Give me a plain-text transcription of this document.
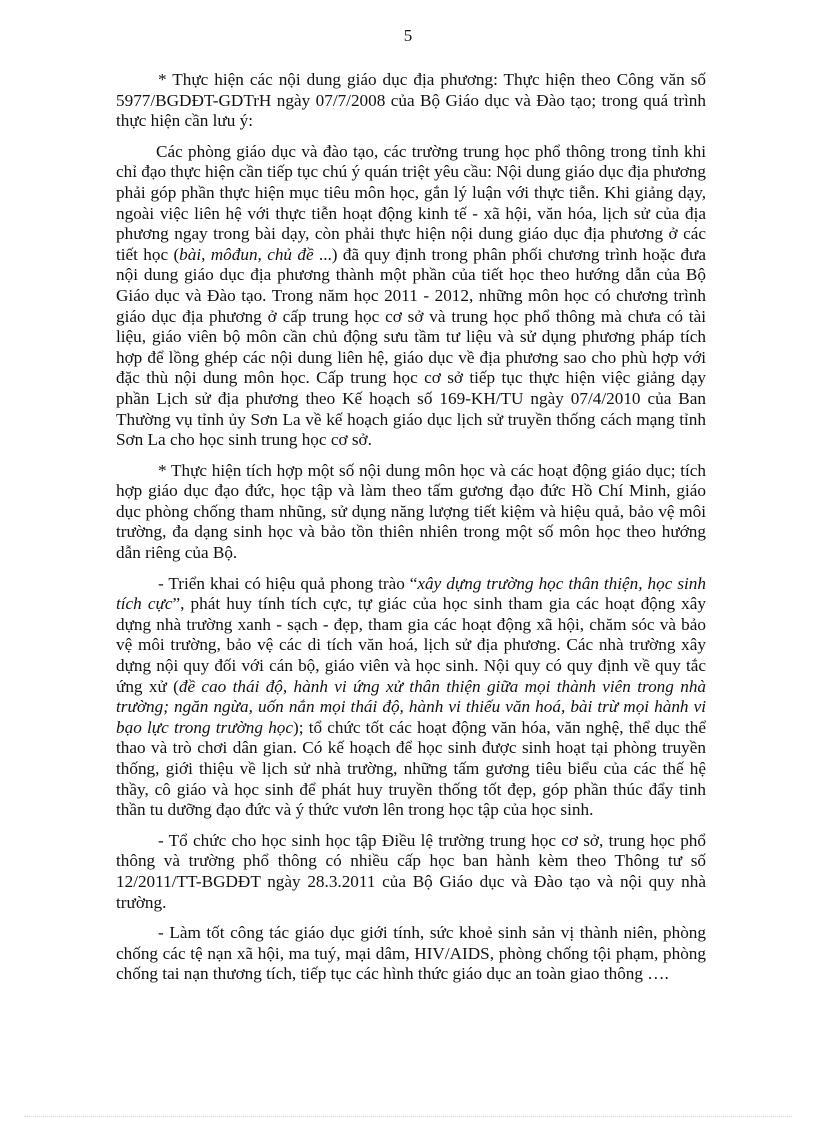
5

* Thực hiện các nội dung giáo dục địa phương: Thực hiện theo Công văn số 5977/BGDĐT-GDTrH ngày 07/7/2008 của Bộ Giáo dục và Đào tạo; trong quá trình thực hiện cần lưu ý:

Các phòng giáo dục và đào tạo, các trường trung học phổ thông trong tỉnh khi chỉ đạo thực hiện cần tiếp tục chú ý quán triệt yêu cầu: Nội dung giáo dục địa phương phải góp phần thực hiện mục tiêu môn học, gắn lý luận với thực tiễn. Khi giảng dạy, ngoài việc liên hệ với thực tiễn hoạt động kinh tế - xã hội, văn hóa, lịch sử của địa phương ngay trong bài dạy, còn phải thực hiện nội dung giáo dục địa phương ở các tiết học (bài, môđun, chủ đề ...) đã quy định trong phân phối chương trình hoặc đưa nội dung giáo dục địa phương thành một phần của tiết học theo hướng dẫn của Bộ Giáo dục và Đào tạo. Trong năm học 2011 - 2012, những môn học có chương trình giáo dục địa phương ở cấp trung học cơ sở và trung học phổ thông mà chưa có tài liệu, giáo viên bộ môn cần chủ động sưu tầm tư liệu và sử dụng phương pháp tích hợp để lồng ghép các nội dung liên hệ, giáo dục về địa phương sao cho phù hợp với đặc thù nội dung môn học. Cấp trung học cơ sở tiếp tục thực hiện việc giảng dạy phần Lịch sử địa phương theo Kế hoạch số 169-KH/TU ngày 07/4/2010 của Ban Thường vụ tỉnh ủy Sơn La về kế hoạch giáo dục lịch sử truyền thống cách mạng tỉnh Sơn La cho học sinh trung học cơ sở.

* Thực hiện tích hợp một số nội dung môn học và các hoạt động giáo dục; tích hợp giáo dục đạo đức, học tập và làm theo tấm gương đạo đức Hồ Chí Minh, giáo dục phòng chống tham nhũng, sử dụng năng lượng tiết kiệm và hiệu quả, bảo vệ môi trường, đa dạng sinh học và bảo tồn thiên nhiên trong một số môn học theo hướng dẫn riêng của Bộ.

- Triển khai có hiệu quả phong trào “xây dựng trường học thân thiện, học sinh tích cực”, phát huy tính tích cực, tự giác của học sinh tham gia các hoạt động xây dựng nhà trường xanh - sạch - đẹp, tham gia các hoạt động xã hội, chăm sóc và bảo vệ môi trường, bảo vệ các di tích văn hoá, lịch sử địa phương. Các nhà trường xây dựng nội quy đối với cán bộ, giáo viên và học sinh. Nội quy có quy định về quy tắc ứng xử (đề cao thái độ, hành vi ứng xử thân thiện giữa mọi thành viên trong nhà trường; ngăn ngừa, uốn nắn mọi thái độ, hành vi thiếu văn hoá, bài trừ mọi hành vi bạo lực trong trường học); tổ chức tốt các hoạt động văn hóa, văn nghệ, thể dục thể thao và trò chơi dân gian. Có kế hoạch để học sinh được sinh hoạt tại phòng truyền thống, giới thiệu về lịch sử nhà trường, những tấm gương tiêu biểu của các thế hệ thầy, cô giáo và học sinh để phát huy truyền thống tốt đẹp, góp phần thúc đẩy tinh thần tu dưỡng đạo đức và ý thức vươn lên trong học tập của học sinh.

- Tổ chức cho học sinh học tập Điều lệ trường trung học cơ sở, trung học phổ thông và trường phổ thông có nhiều cấp học ban hành kèm theo Thông tư số 12/2011/TT-BGDĐT ngày 28.3.2011 của Bộ Giáo dục và Đào tạo và nội quy nhà trường.

- Làm tốt công tác giáo dục giới tính, sức khoẻ sinh sản vị thành niên, phòng chống các tệ nạn xã hội, ma tuý, mại dâm, HIV/AIDS, phòng chống tội phạm, phòng chống tai nạn thương tích, tiếp tục các hình thức giáo dục an toàn giao thông ….
